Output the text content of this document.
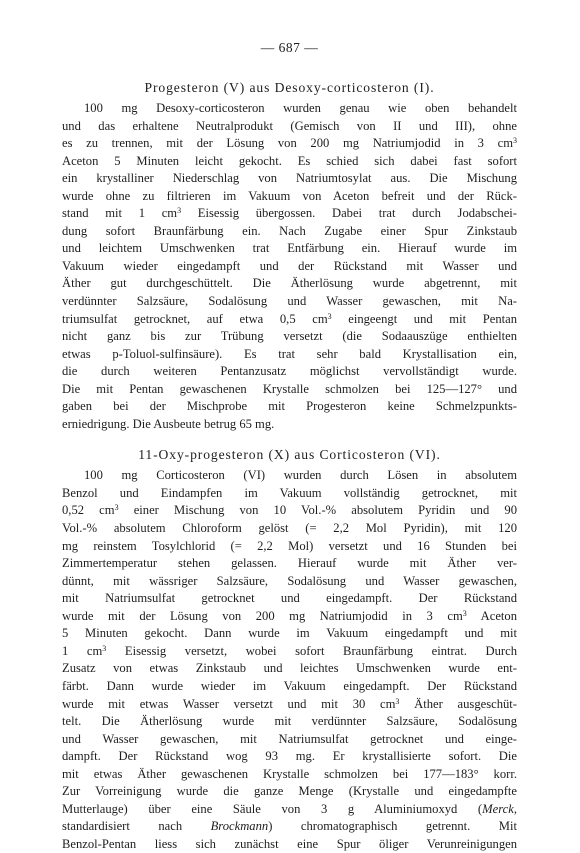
— 687 —
Progesteron (V) aus Desoxy-corticosteron (I).
100 mg Desoxy-corticosteron wurden genau wie oben behandelt
und das erhaltene Neutralprodukt (Gemisch von II und III), ohne
es zu trennen, mit der Lösung von 200 mg Natriumjodid in 3 $cm^3$
Aceton 5 Minuten leicht gekocht. Es schied sich dabei fast sofort
ein krystalliner Niederschlag von Natriumtosylat aus. Die Mischung
wurde ohne zu filtrieren im Vakuum von Aceton befreit und der Rück-
stand mit 1 $cm^3$ Eisessig übergossen. Dabei trat durch Jodabschei-
dung sofort Braunfärbung ein. Nach Zugabe einer Spur Zinkstaub
und leichtem Umschwenken trat Entfärbung ein. Hierauf wurde im
Vakuum wieder eingedampft und der Rückstand mit Wasser und
Äther gut durchgeschüttelt. Die Ätherlösung wurde abgetrennt, mit
verdünnter Salzsäure, Sodalösung und Wasser gewaschen, mit Na-
triumsulfat getrocknet, auf etwa 0,5 $cm^3$ eingeengt und mit Pentan
nicht ganz bis zur Trübung versetzt (die Sodaauszüge enthielten
etwas p-Toluol-sulfinsäure). Es trat sehr bald Krystallisation ein,
die durch weiteren Pentanzusatz möglichst vervollständigt wurde.
Die mit Pentan gewaschenen Krystalle schmolzen bei 125—127° und
gaben bei der Mischprobe mit Progesteron keine Schmelzpunkts-
erniedrigung. Die Ausbeute betrug 65 mg.
11-Oxy-progesteron (X) aus Corticosteron (VI).
100 mg Corticosteron (VI) wurden durch Lösen in absolutem
Benzol und Eindampfen im Vakuum vollständig getrocknet, mit
0,52 $cm^3$ einer Mischung von 10 Vol.-% absolutem Pyridin und 90
Vol.-% absolutem Chloroform gelöst (= 2,2 Mol Pyridin), mit 120
mg reinstem Tosylchlorid (= 2,2 Mol) versetzt und 16 Stunden bei
Zimmertemperatur stehen gelassen. Hierauf wurde mit Äther ver-
dünnt, mit wässriger Salzsäure, Sodalösung und Wasser gewaschen,
mit Natriumsulfat getrocknet und eingedampft. Der Rückstand
wurde mit der Lösung von 200 mg Natriumjodid in 3 $cm^3$ Aceton
5 Minuten gekocht. Dann wurde im Vakuum eingedampft und mit
1 $cm^3$ Eisessig versetzt, wobei sofort Braunfärbung eintrat. Durch
Zusatz von etwas Zinkstaub und leichtes Umschwenken wurde ent-
färbt. Dann wurde wieder im Vakuum eingedampft. Der Rückstand
wurde mit etwas Wasser versetzt und mit 30 $cm^3$ Äther ausgeschüt-
telt. Die Ätherlösung wurde mit verdünnter Salzsäure, Sodalösung
und Wasser gewaschen, mit Natriumsulfat getrocknet und einge-
dampft. Der Rückstand wog 93 mg. Er krystallisierte sofort. Die
mit etwas Äther gewaschenen Krystalle schmolzen bei 177—183° korr.
Zur Vorreinigung wurde die ganze Menge (Krystalle und eingedampfte
Mutterlauge) über eine Säule von 3 g Aluminiumoxyd (Merck,
standardisiert nach Brockmann) chromatographisch getrennt. Mit
Benzol-Pentan liess sich zunächst eine Spur öliger Verunreinigungen
